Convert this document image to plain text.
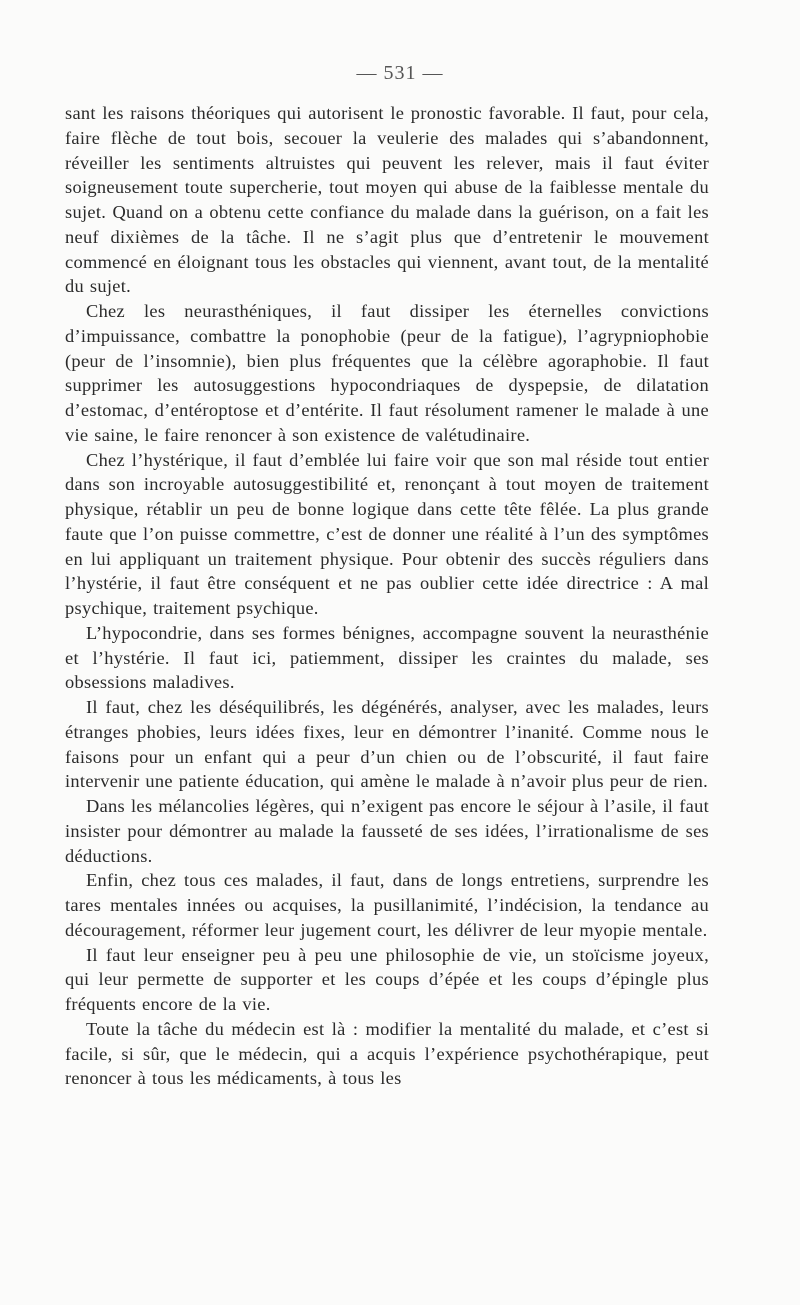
— 531 —

sant les raisons théoriques qui autorisent le pronostic favorable. Il faut, pour cela, faire flèche de tout bois, secouer la veulerie des malades qui s’abandonnent, réveiller les sentiments altruistes qui peuvent les relever, mais il faut éviter soigneusement toute supercherie, tout moyen qui abuse de la faiblesse mentale du sujet. Quand on a obtenu cette confiance du malade dans la guérison, on a fait les neuf dixièmes de la tâche. Il ne s’agit plus que d’entretenir le mouvement commencé en éloignant tous les obstacles qui viennent, avant tout, de la mentalité du sujet.

Chez les neurasthéniques, il faut dissiper les éternelles convictions d’impuissance, combattre la ponophobie (peur de la fatigue), l’agrypniophobie (peur de l’insomnie), bien plus fréquentes que la célèbre agoraphobie. Il faut supprimer les autosuggestions hypocondriaques de dyspepsie, de dilatation d’estomac, d’entéroptose et d’entérite. Il faut résolument ramener le malade à une vie saine, le faire renoncer à son existence de valétudinaire.

Chez l’hystérique, il faut d’emblée lui faire voir que son mal réside tout entier dans son incroyable autosuggestibilité et, renonçant à tout moyen de traitement physique, rétablir un peu de bonne logique dans cette tête fêlée. La plus grande faute que l’on puisse commettre, c’est de donner une réalité à l’un des symptômes en lui appliquant un traitement physique. Pour obtenir des succès réguliers dans l’hystérie, il faut être conséquent et ne pas oublier cette idée directrice : A mal psychique, traitement psychique.

L’hypocondrie, dans ses formes bénignes, accompagne souvent la neurasthénie et l’hystérie. Il faut ici, patiemment, dissiper les craintes du malade, ses obsessions maladives.

Il faut, chez les déséquilibrés, les dégénérés, analyser, avec les malades, leurs étranges phobies, leurs idées fixes, leur en démontrer l’inanité. Comme nous le faisons pour un enfant qui a peur d’un chien ou de l’obscurité, il faut faire intervenir une patiente éducation, qui amène le malade à n’avoir plus peur de rien.

Dans les mélancolies légères, qui n’exigent pas encore le séjour à l’asile, il faut insister pour démontrer au malade la fausseté de ses idées, l’irrationalisme de ses déductions.

Enfin, chez tous ces malades, il faut, dans de longs entretiens, surprendre les tares mentales innées ou acquises, la pusillanimité, l’indécision, la tendance au découragement, réformer leur jugement court, les délivrer de leur myopie mentale.

Il faut leur enseigner peu à peu une philosophie de vie, un stoïcisme joyeux, qui leur permette de supporter et les coups d’épée et les coups d’épingle plus fréquents encore de la vie.

Toute la tâche du médecin est là : modifier la mentalité du malade, et c’est si facile, si sûr, que le médecin, qui a acquis l’expérience psychothérapique, peut renoncer à tous les médicaments, à tous les
